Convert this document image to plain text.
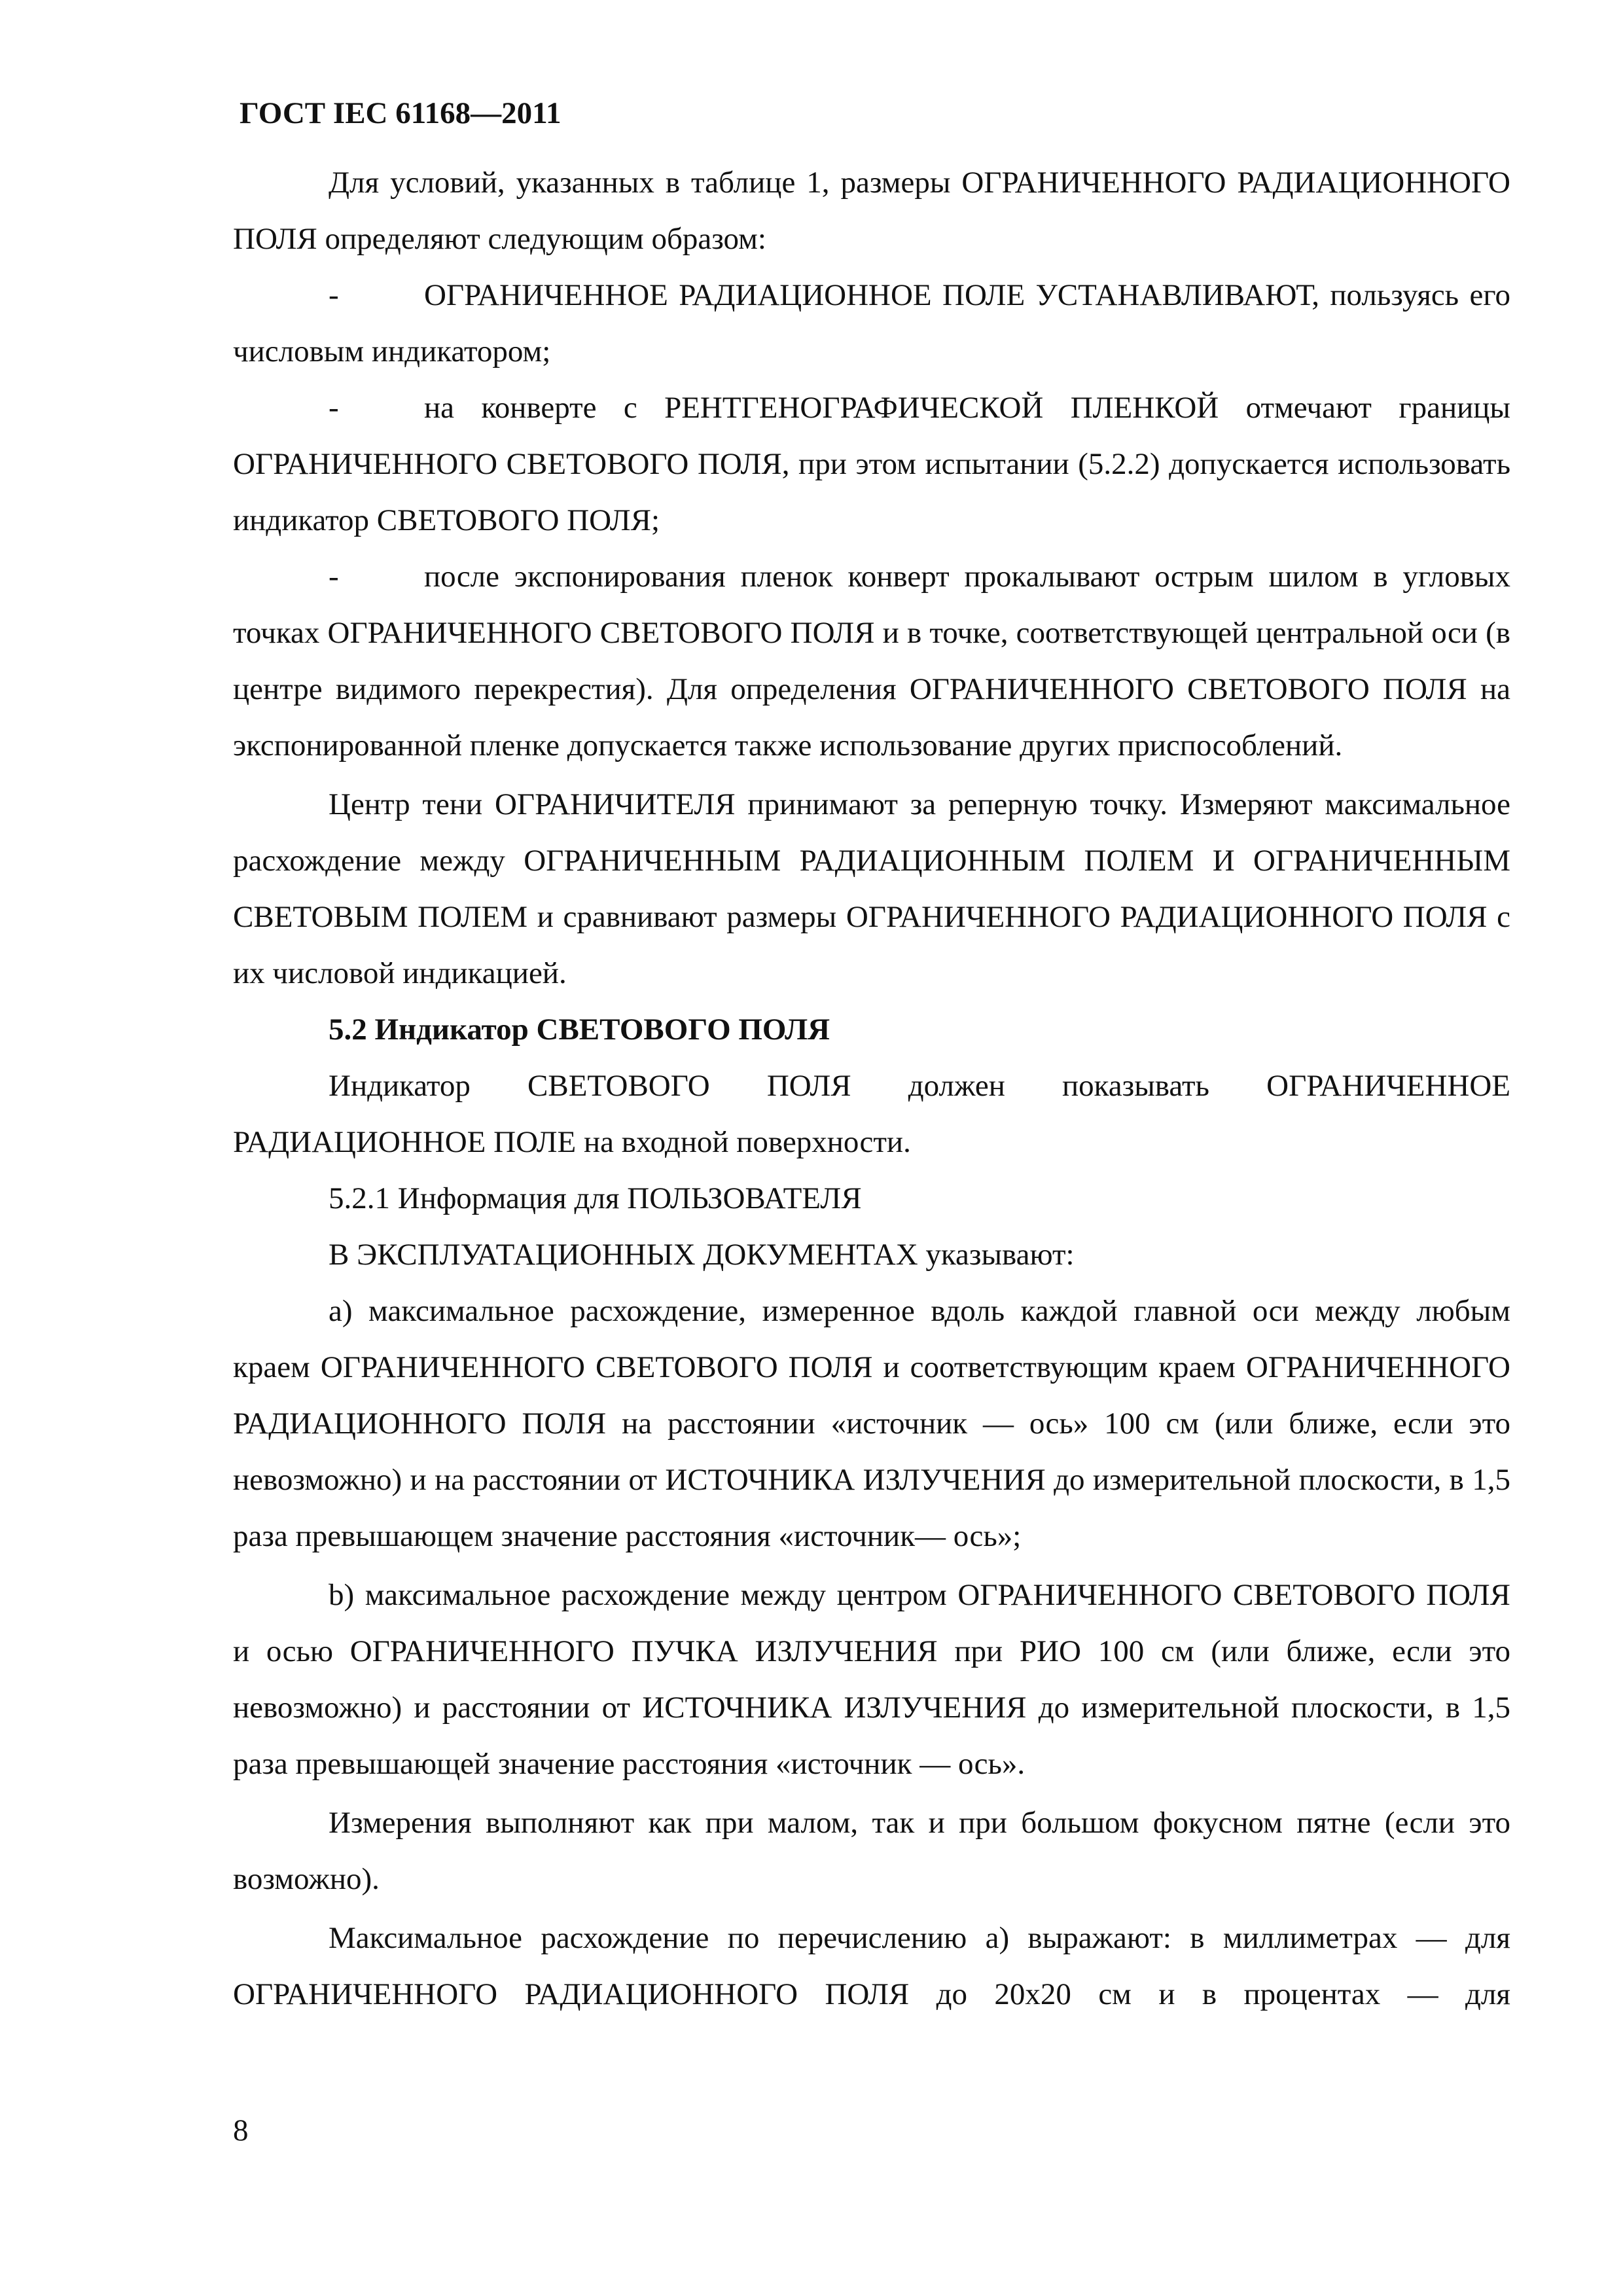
ГОСТ IEC 61168—2011

Для условий, указанных в таблице 1, размеры ОГРАНИЧЕННОГО РАДИАЦИОННОГО ПОЛЯ определяют следующим образом:

-	ОГРАНИЧЕННОЕ РАДИАЦИОННОЕ ПОЛЕ УСТАНАВЛИВАЮТ, пользуясь его числовым индикатором;

-	на конверте с РЕНТГЕНОГРАФИЧЕСКОЙ ПЛЕНКОЙ отмечают границы ОГРАНИЧЕННОГО СВЕТОВОГО ПОЛЯ, при этом испытании (5.2.2) допускается использовать индикатор СВЕТОВОГО ПОЛЯ;

-	после экспонирования пленок конверт прокалывают острым шилом в угловых точках ОГРАНИЧЕННОГО СВЕТОВОГО ПОЛЯ и в точке, соответствующей центральной оси (в центре видимого перекрестия). Для определения ОГРАНИЧЕННОГО СВЕТОВОГО ПОЛЯ на экспонированной пленке допускается также использование других приспособлений.

Центр тени ОГРАНИЧИТЕЛЯ принимают за реперную точку. Измеряют максимальное расхождение между ОГРАНИЧЕННЫМ РАДИАЦИОННЫМ ПОЛЕМ И ОГРАНИЧЕННЫМ СВЕТОВЫМ ПОЛЕМ и сравнивают размеры ОГРАНИЧЕННОГО РАДИАЦИОННОГО ПОЛЯ с их числовой индикацией.

5.2 Индикатор СВЕТОВОГО ПОЛЯ

Индикатор СВЕТОВОГО ПОЛЯ должен показывать ОГРАНИЧЕННОЕ РАДИАЦИОННОЕ ПОЛЕ на входной поверхности.

5.2.1 Информация для ПОЛЬЗОВАТЕЛЯ

В ЭКСПЛУАТАЦИОННЫХ ДОКУМЕНТАХ указывают:

а) максимальное расхождение, измеренное вдоль каждой главной оси между любым краем ОГРАНИЧЕННОГО СВЕТОВОГО ПОЛЯ и соответствующим краем ОГРАНИЧЕННОГО РАДИАЦИОННОГО ПОЛЯ на расстоянии «источник — ось» 100 см (или ближе, если это невозможно) и на расстоянии от ИСТОЧНИКА ИЗЛУЧЕНИЯ до измерительной плоскости, в 1,5 раза превышающем значение расстояния «источник— ось»;

b) максимальное расхождение между центром ОГРАНИЧЕННОГО СВЕТОВОГО ПОЛЯ и осью ОГРАНИЧЕННОГО ПУЧКА ИЗЛУЧЕНИЯ при РИО 100 см (или ближе, если это невозможно) и расстоянии от ИСТОЧНИКА ИЗЛУЧЕНИЯ до измерительной плоскости, в 1,5 раза превышающей значение расстояния «источник — ось».

Измерения выполняют как при малом, так и при большом фокусном пятне (если это возможно).

Максимальное расхождение по перечислению а) выражают: в миллиметрах — для ОГРАНИЧЕННОГО РАДИАЦИОННОГО ПОЛЯ до 20х20 см и в процентах — для

8
